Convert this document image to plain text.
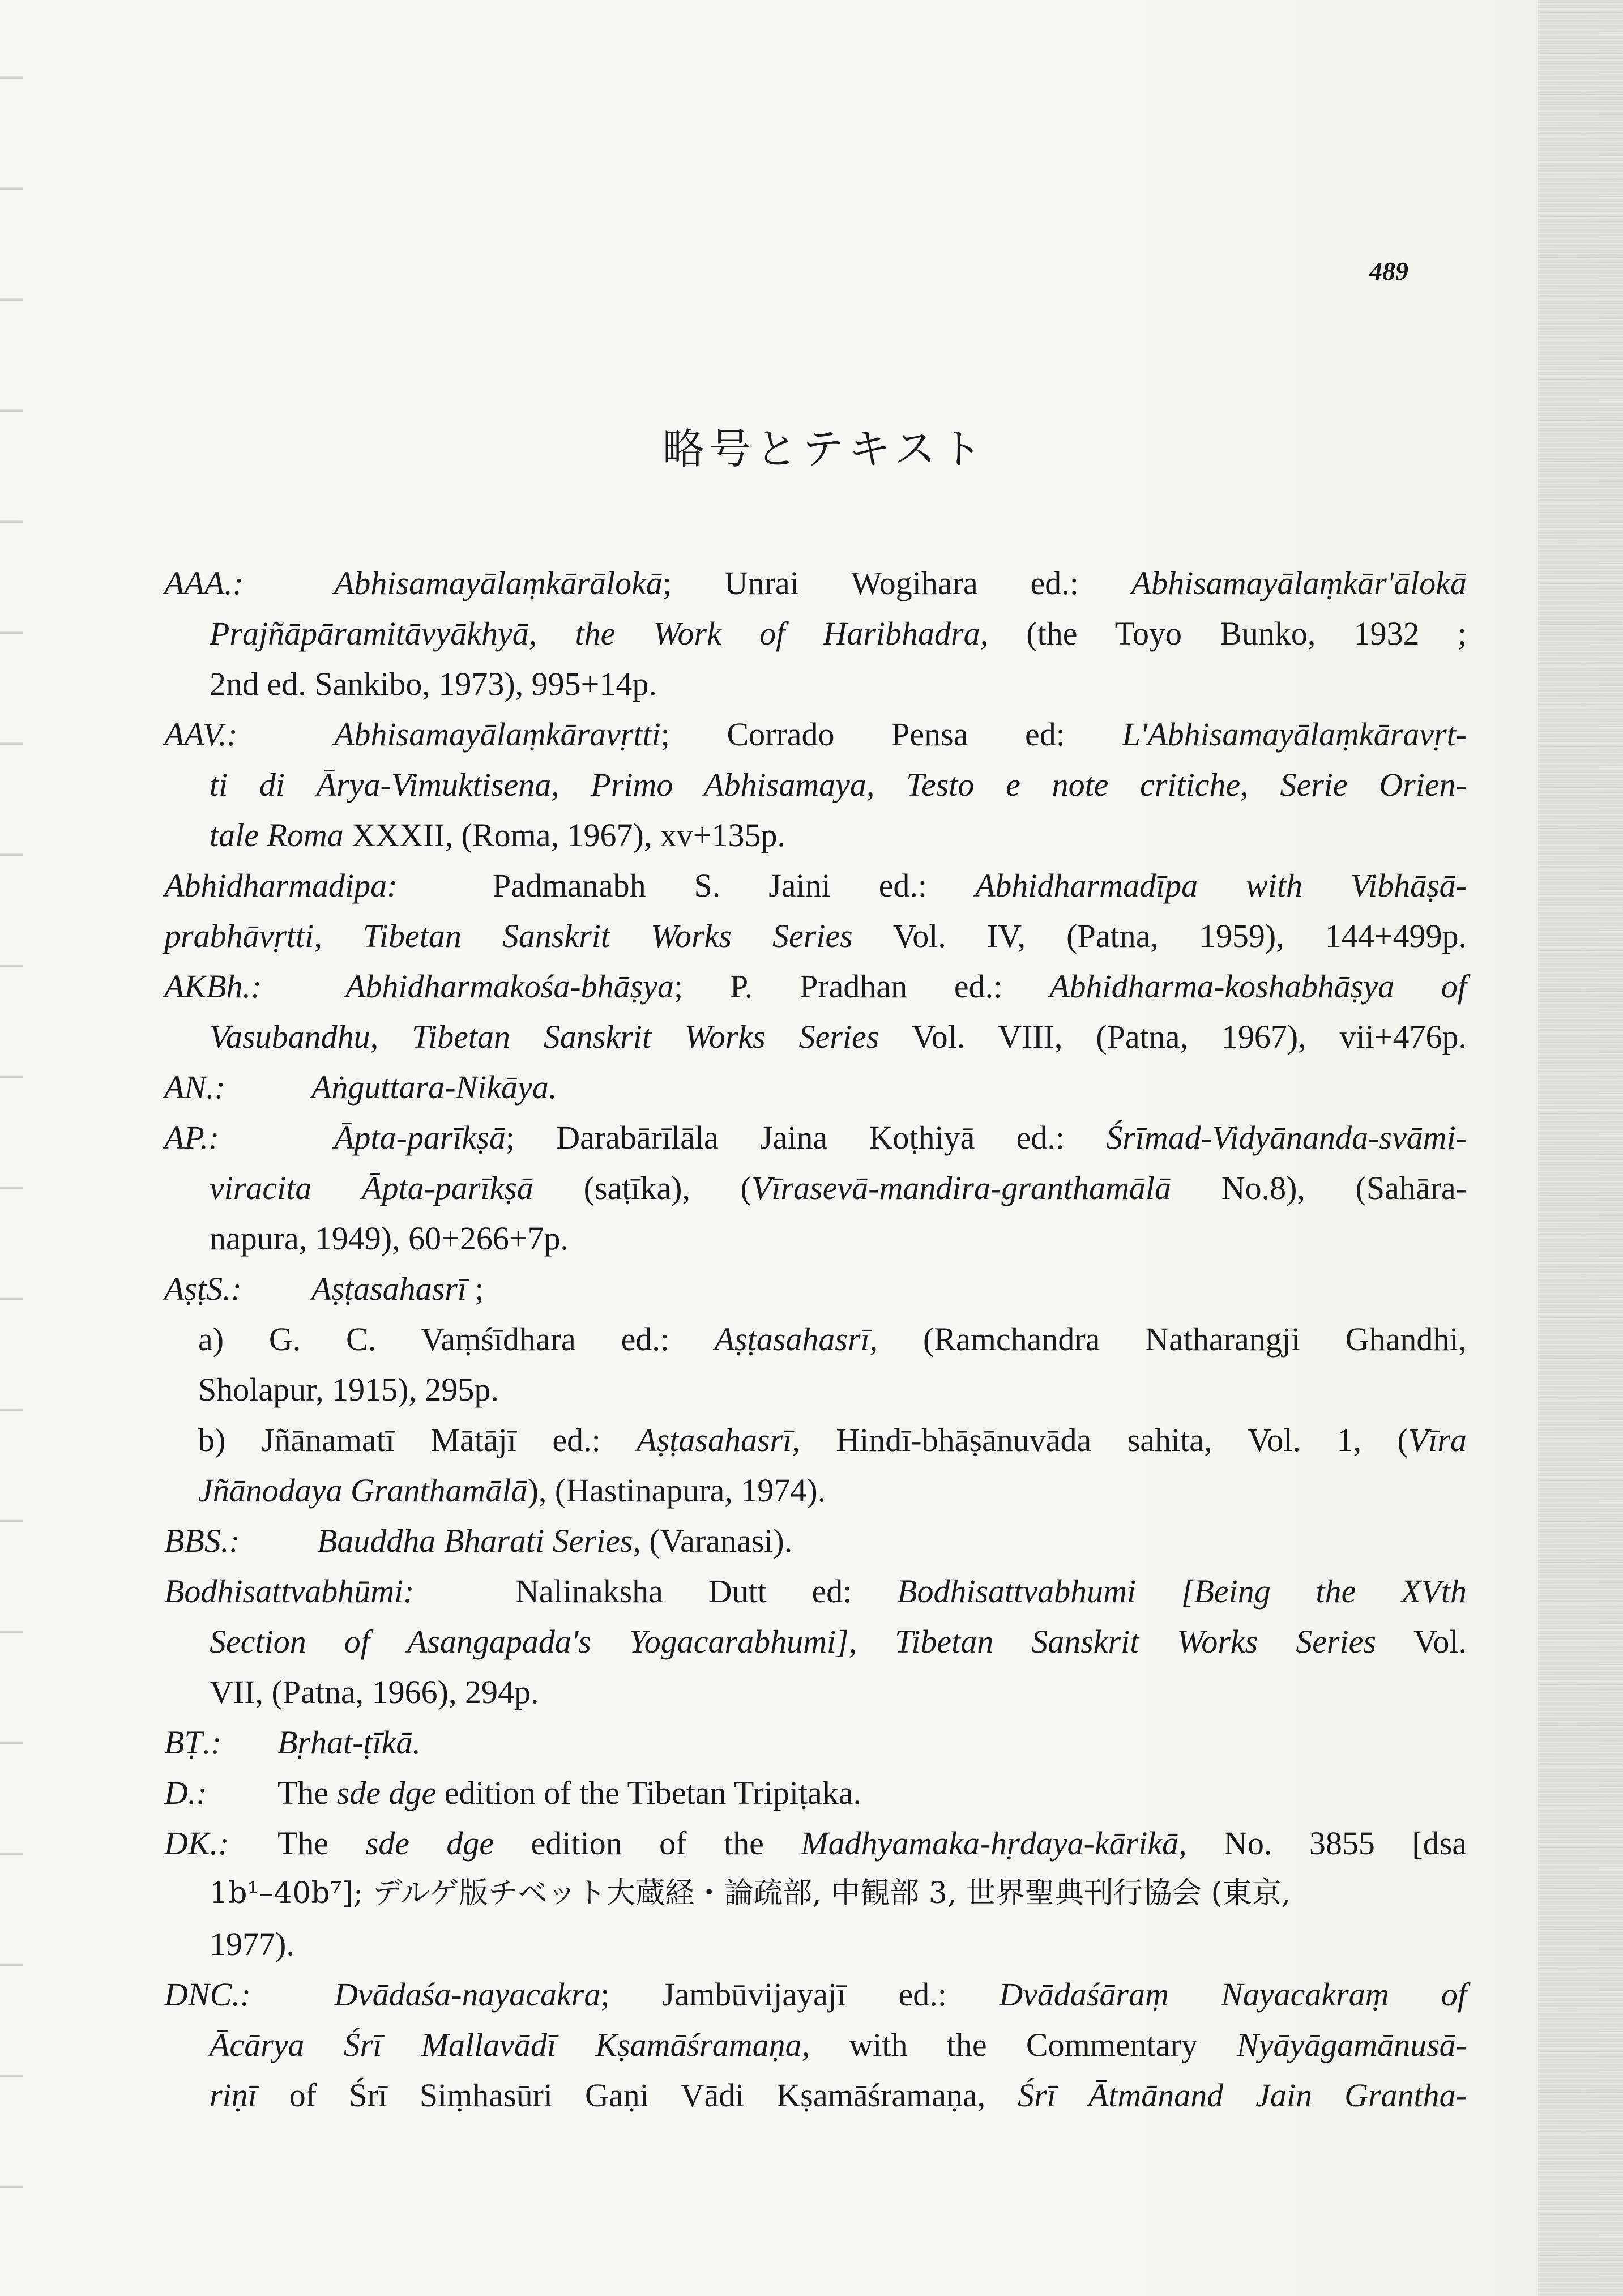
489
略号とテキスト
AAA.:	Abhisamayālaṃkārālokā; Unrai Wogihara ed.: Abhisamayālaṃkār'ālokā
Prajñāpāramitāvyākhyā, the Work of Haribhadra, (the Toyo Bunko, 1932 ;
2nd ed. Sankibo, 1973), 995+14p.
AAV.:	Abhisamayālaṃkāravṛtti; Corrado Pensa ed: L'Abhisamayālaṃkāravṛt-
ti di Ārya-Vimuktisena, Primo Abhisamaya, Testo e note critiche, Serie Orien-
tale Roma XXXII, (Roma, 1967), xv+135p.
Abhidharmadipa:	Padmanabh S. Jaini ed.: Abhidharmadīpa with Vibhāṣā-
prabhāvṛtti, Tibetan Sanskrit Works Series Vol. IV, (Patna, 1959), 144+499p.
AKBh.:	Abhidharmakośa-bhāṣya; P. Pradhan ed.: Abhidharma-koshabhāṣya of
Vasubandhu, Tibetan Sanskrit Works Series Vol. VIII, (Patna, 1967), vii+476p.
AN.:	Aṅguttara-Nikāya.
AP.:	Āpta-parīkṣā; Darabārīlāla Jaina Koṭhiyā ed.: Śrīmad-Vidyānanda-svāmi-
viracita Āpta-parīkṣā (saṭīka), (Vīrasevā-mandira-granthamālā No.8), (Sahāra-
napura, 1949), 60+266+7p.
AṣṭS.: Aṣṭasahasrī ;
a) G. C. Vaṃśīdhara ed.: Aṣṭasahasrī, (Ramchandra Natharangji Ghandhi,
Sholapur, 1915), 295p.
b) Jñānamatī Mātājī ed.: Aṣṭasahasrī, Hindī-bhāṣānuvāda sahita, Vol. 1, (Vīra
Jñānodaya Granthamālā), (Hastinapura, 1974).
BBS.: Bauddha Bharati Series, (Varanasi).
Bodhisattvabhūmi:	Nalinaksha Dutt ed: Bodhisattvabhumi [Being the XVth
Section of Asangapada's Yogacarabhumi], Tibetan Sanskrit Works Series Vol.
VII, (Patna, 1966), 294p.
BṬ.: Bṛhat-ṭīkā.
D.: The sde dge edition of the Tibetan Tripiṭaka.
DK.: The sde dge edition of the Madhyamaka-hṛdaya-kārikā, No. 3855 [dsa
1b¹–40b⁷]; デルゲ版チベット大蔵経・論疏部, 中観部 3, 世界聖典刊行協会 (東京,
1977).
DNC.:	Dvādaśa-nayacakra; Jambūvijayajī ed.: Dvādaśāraṃ Nayacakraṃ of
Ācārya Śrī Mallavādī Kṣamāśramaṇa, with the Commentary Nyāyāgamānusā-
riṇī of Śrī Siṃhasūri Gaṇi Vādi Kṣamāśramaṇa, Śrī Ātmānand Jain Grantha-
